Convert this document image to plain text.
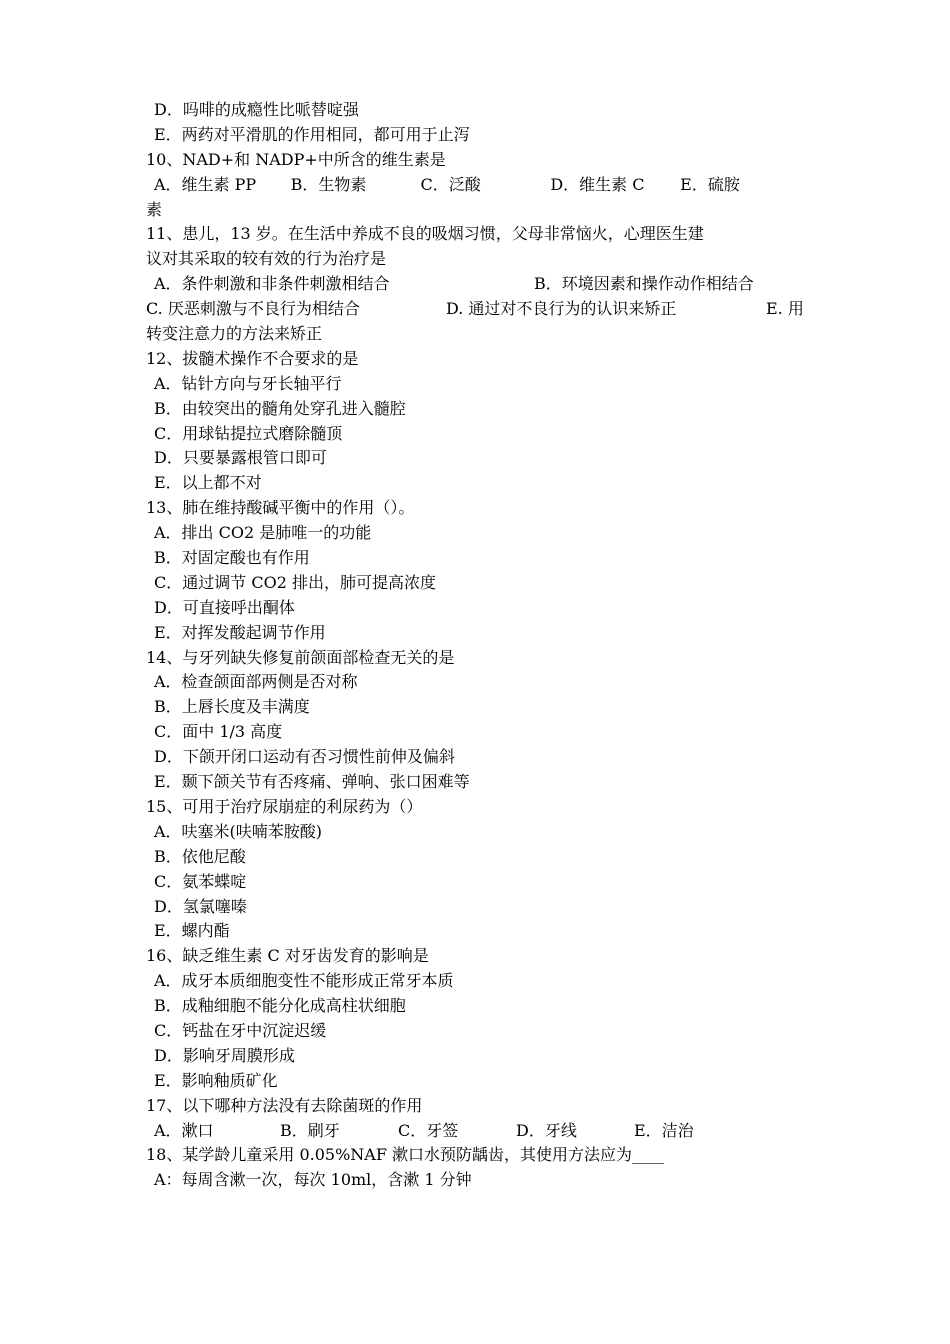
D．吗啡的成瘾性比哌替啶强
E．两药对平滑肌的作用相同，都可用于止泻
10、NAD+和 NADP+中所含的维生素是
A．维生素 PP	B．生物素	C．泛酸	D．维生素 C	E．硫胺
素
11、患儿，13 岁。在生活中养成不良的吸烟习惯，父母非常恼火，心理医生建
议对其采取的较有效的行为治疗是
A．条件刺激和非条件刺激相结合	B．环境因素和操作动作相结合
C. 厌恶刺激与不良行为相结合	D. 通过对不良行为的认识来矫正	E. 用
转变注意力的方法来矫正
12、拔髓术操作不合要求的是
A．钻针方向与牙长轴平行
B．由较突出的髓角处穿孔进入髓腔
C．用球钻提拉式磨除髓顶
D．只要暴露根管口即可
E．以上都不对
13、肺在维持酸碱平衡中的作用（）。
A．排出 CO2 是肺唯一的功能
B．对固定酸也有作用
C．通过调节 CO2 排出，肺可提高浓度
D．可直接呼出酮体
E．对挥发酸起调节作用
14、与牙列缺失修复前颌面部检查无关的是
A．检查颌面部两侧是否对称
B．上唇长度及丰满度
C．面中 1/3 高度
D．下颌开闭口运动有否习惯性前伸及偏斜
E．颞下颌关节有否疼痛、弹响、张口困难等
15、可用于治疗尿崩症的利尿药为（）
A．呋塞米(呋喃苯胺酸)
B．依他尼酸
C．氨苯蝶啶
D．氢氯噻嗪
E．螺内酯
16、缺乏维生素 C 对牙齿发育的影响是
A．成牙本质细胞变性不能形成正常牙本质
B．成釉细胞不能分化成高柱状细胞
C．钙盐在牙中沉淀迟缓
D．影响牙周膜形成
E．影响釉质矿化
17、以下哪种方法没有去除菌斑的作用
A．漱口	B．刷牙	C．牙签	D．牙线	E．洁治
18、某学龄儿童采用 0.05%NAF 漱口水预防龋齿，其使用方法应为____
A：每周含漱一次，每次 10ml，含漱 1 分钟
